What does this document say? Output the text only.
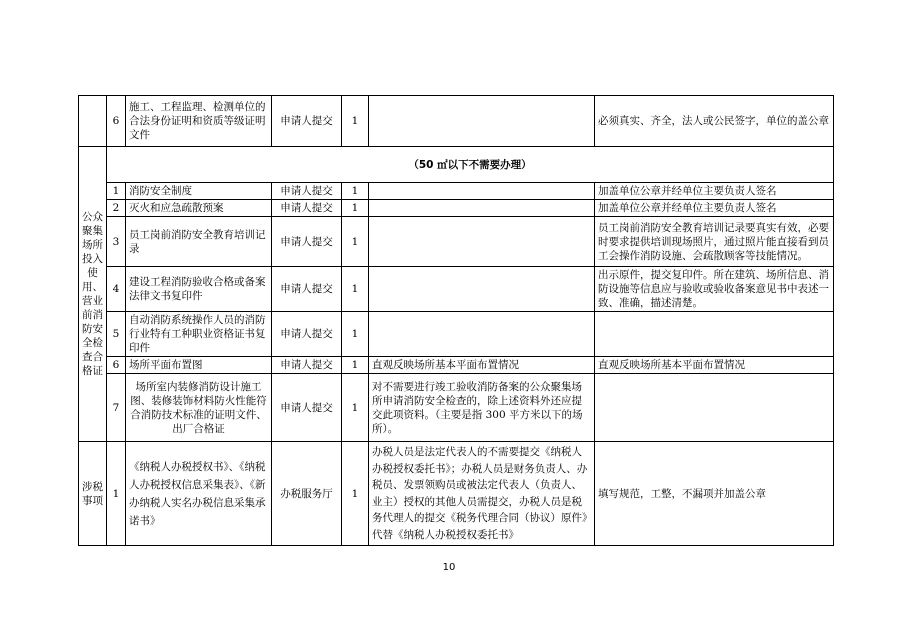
	6	施工、工程监理、检测单位的合法身份证明和资质等级证明文件	申请人提交	1		必须真实、齐全，法人或公民签字，单位的盖公章
公众聚集场所投入使用、营业前消防安全检查合格证	（50 ㎡以下不需要办理）					
	1	消防安全制度	申请人提交	1		加盖单位公章并经单位主要负责人签名
	2	灭火和应急疏散预案	申请人提交	1		加盖单位公章并经单位主要负责人签名
	3	员工岗前消防安全教育培训记录	申请人提交	1		员工岗前消防安全教育培训记录要真实有效，必要时要求提供培训现场照片，通过照片能直接看到员工会操作消防设施、会疏散顾客等技能情况。
	4	建设工程消防验收合格或备案法律文书复印件	申请人提交	1		出示原件，提交复印件。所在建筑、场所信息、消防设施等信息应与验收或验收备案意见书中表述一致、准确，描述清楚。
	5	自动消防系统操作人员的消防行业特有工种职业资格证书复印件	申请人提交	1		
	6	场所平面布置图	申请人提交	1	直观反映场所基本平面布置情况	直观反映场所基本平面布置情况
	7	场所室内装修消防设计施工图、装修装饰材料防火性能符合消防技术标准的证明文件、出厂合格证	申请人提交	1	对不需要进行竣工验收消防备案的公众聚集场所申请消防安全检查的，除上述资料外还应提交此项资料。（主要是指 300 平方米以下的场所）。	
涉税事项	1	《纳税人办税授权书》、《纳税人办税授权信息采集表》、《新办纳税人实名办税信息采集承诺书》	办税服务厅	1	办税人员是法定代表人的不需要提交《纳税人办税授权委托书》；办税人员是财务负责人、办税员、发票领购员或被法定代表人（负责人、业主）授权的其他人员需提交，办税人员是税务代理人的提交《税务代理合同（协议）原件》代替《纳税人办税授权委托书》	填写规范，工整，不漏项并加盖公章
10
